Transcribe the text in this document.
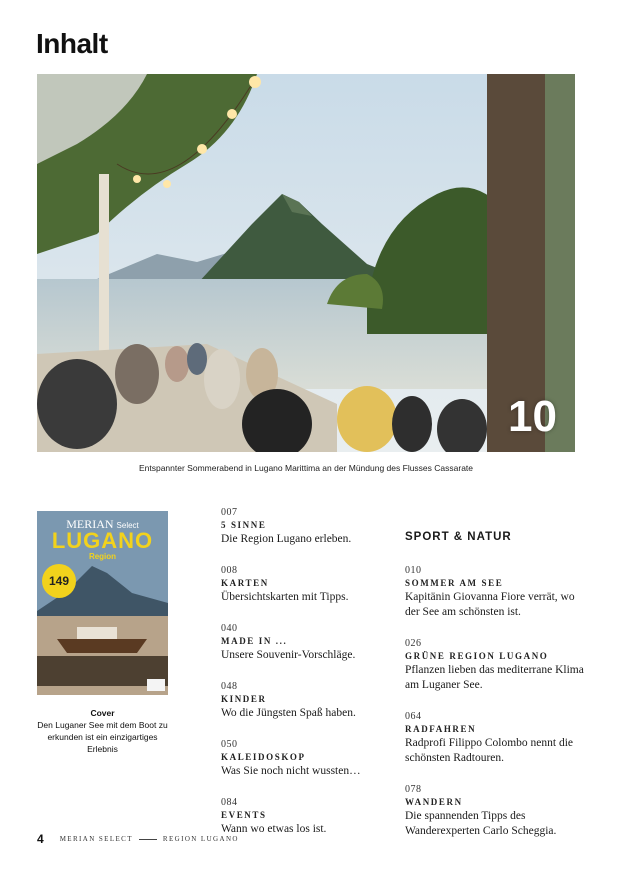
Inhalt
10
Entspannter Sommerabend in Lugano Marittima an der Mündung des Flusses Cassarate
MERIAN Select
LUGANO
Region
149
Cover
Den Luganer See mit dem Boot zu erkunden ist ein einzigartiges Erlebnis
007
5 SINNE
Die Region Lugano erleben.
008
KARTEN
Übersichtskarten mit Tipps.
040
MADE IN ...
Unsere Souvenir-Vorschläge.
048
KINDER
Wo die Jüngsten Spaß haben.
050
KALEIDOSKOP
Was Sie noch nicht wussten…
084
EVENTS
Wann wo etwas los ist.
SPORT & NATUR
010
SOMMER AM SEE
Kapitänin Giovanna Fiore verrät, wo der See am schönsten ist.
026
GRÜNE REGION LUGANO
Pflanzen lieben das mediterrane Klima am Luganer See.
064
RADFAHREN
Radprofi Filippo Colombo nennt die schönsten Radtouren.
078
WANDERN
Die spannenden Tipps des Wanderexperten Carlo Scheggia.
4 MERIAN SELECT	REGION LUGANO
